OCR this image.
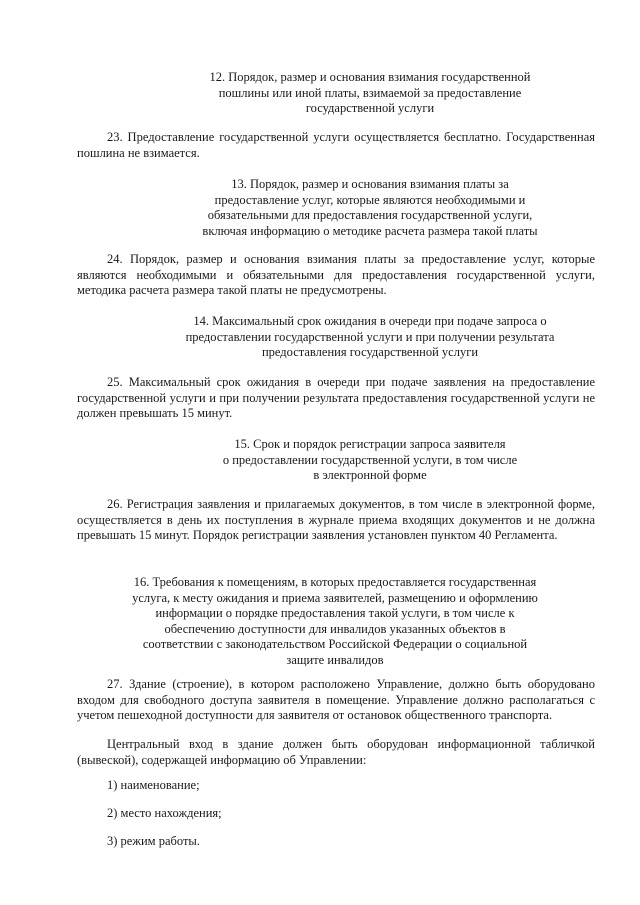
12. Порядок, размер и основания взимания государственной
пошлины или иной платы, взимаемой за предоставление
государственной услуги

23. Предоставление государственной услуги осуществляется бесплатно. Государственная пошлина не взимается.

13. Порядок, размер и основания взимания платы за
предоставление услуг, которые являются необходимыми и
обязательными для предоставления государственной услуги,
включая информацию о методике расчета размера такой платы

24. Порядок, размер и основания взимания платы за предоставление услуг, которые являются необходимыми и обязательными для предоставления государственной услуги, методика расчета размера такой платы не предусмотрены.

14. Максимальный срок ожидания в очереди при подаче запроса о
предоставлении государственной услуги и при получении результата
предоставления государственной услуги

25. Максимальный срок ожидания в очереди при подаче заявления на предоставление государственной услуги и при получении результата предоставления государственной услуги не должен превышать 15 минут.

15. Срок и порядок регистрации запроса заявителя
о предоставлении государственной услуги, в том числе
в электронной форме

26. Регистрация заявления и прилагаемых документов, в том числе в электронной форме, осуществляется в день их поступления в журнале приема входящих документов и не должна превышать 15 минут. Порядок регистрации заявления установлен пунктом 40 Регламента.

16. Требования к помещениям, в которых предоставляется государственная
услуга, к месту ожидания и приема заявителей, размещению и оформлению
информации о порядке предоставления такой услуги, в том числе к
обеспечению доступности для инвалидов указанных объектов в
соответствии с законодательством Российской Федерации о социальной
защите инвалидов

27. Здание (строение), в котором расположено Управление, должно быть оборудовано входом для свободного доступа заявителя в помещение. Управление должно располагаться с учетом пешеходной доступности для заявителя от остановок общественного транспорта.

Центральный вход в здание должен быть оборудован информационной табличкой (вывеской), содержащей информацию об Управлении:

1) наименование;

2) место нахождения;

3) режим работы.
